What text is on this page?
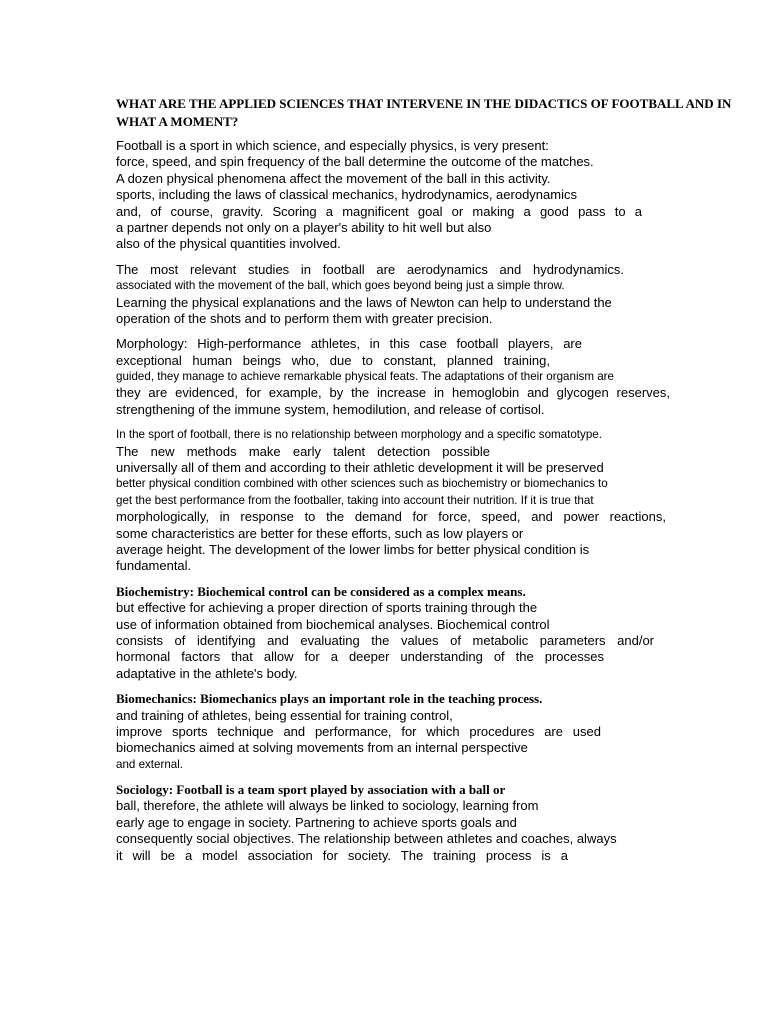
WHAT ARE THE APPLIED SCIENCES THAT INTERVENE IN THE DIDACTICS OF FOOTBALL AND IN
WHAT A MOMENT?
Football is a sport in which science, and especially physics, is very present:
force, speed, and spin frequency of the ball determine the outcome of the matches.
A dozen physical phenomena affect the movement of the ball in this activity.
sports, including the laws of classical mechanics, hydrodynamics, aerodynamics
and, of course, gravity. Scoring a magnificent goal or making a good pass to a
a partner depends not only on a player's ability to hit well but also
also of the physical quantities involved.
The most relevant studies in football are aerodynamics and hydrodynamics.
associated with the movement of the ball, which goes beyond being just a simple throw.
Learning the physical explanations and the laws of Newton can help to understand the
operation of the shots and to perform them with greater precision.
Morphology: High-performance athletes, in this case football players, are
exceptional human beings who, due to constant, planned training,
guided, they manage to achieve remarkable physical feats. The adaptations of their organism are
they are evidenced, for example, by the increase in hemoglobin and glycogen reserves,
strengthening of the immune system, hemodilution, and release of cortisol.
In the sport of football, there is no relationship between morphology and a specific somatotype.
The new methods make early talent detection possible
universally all of them and according to their athletic development it will be preserved
better physical condition combined with other sciences such as biochemistry or biomechanics to
get the best performance from the footballer, taking into account their nutrition. If it is true that
morphologically, in response to the demand for force, speed, and power reactions,
some characteristics are better for these efforts, such as low players or
average height. The development of the lower limbs for better physical condition is
fundamental.
Biochemistry: Biochemical control can be considered as a complex means.
but effective for achieving a proper direction of sports training through the
use of information obtained from biochemical analyses. Biochemical control
consists of identifying and evaluating the values of metabolic parameters and/or
hormonal factors that allow for a deeper understanding of the processes
adaptative in the athlete's body.
Biomechanics: Biomechanics plays an important role in the teaching process.
and training of athletes, being essential for training control,
improve sports technique and performance, for which procedures are used
biomechanics aimed at solving movements from an internal perspective
and external.
Sociology: Football is a team sport played by association with a ball or
ball, therefore, the athlete will always be linked to sociology, learning from
early age to engage in society. Partnering to achieve sports goals and
consequently social objectives. The relationship between athletes and coaches, always
it will be a model association for society. The training process is a
